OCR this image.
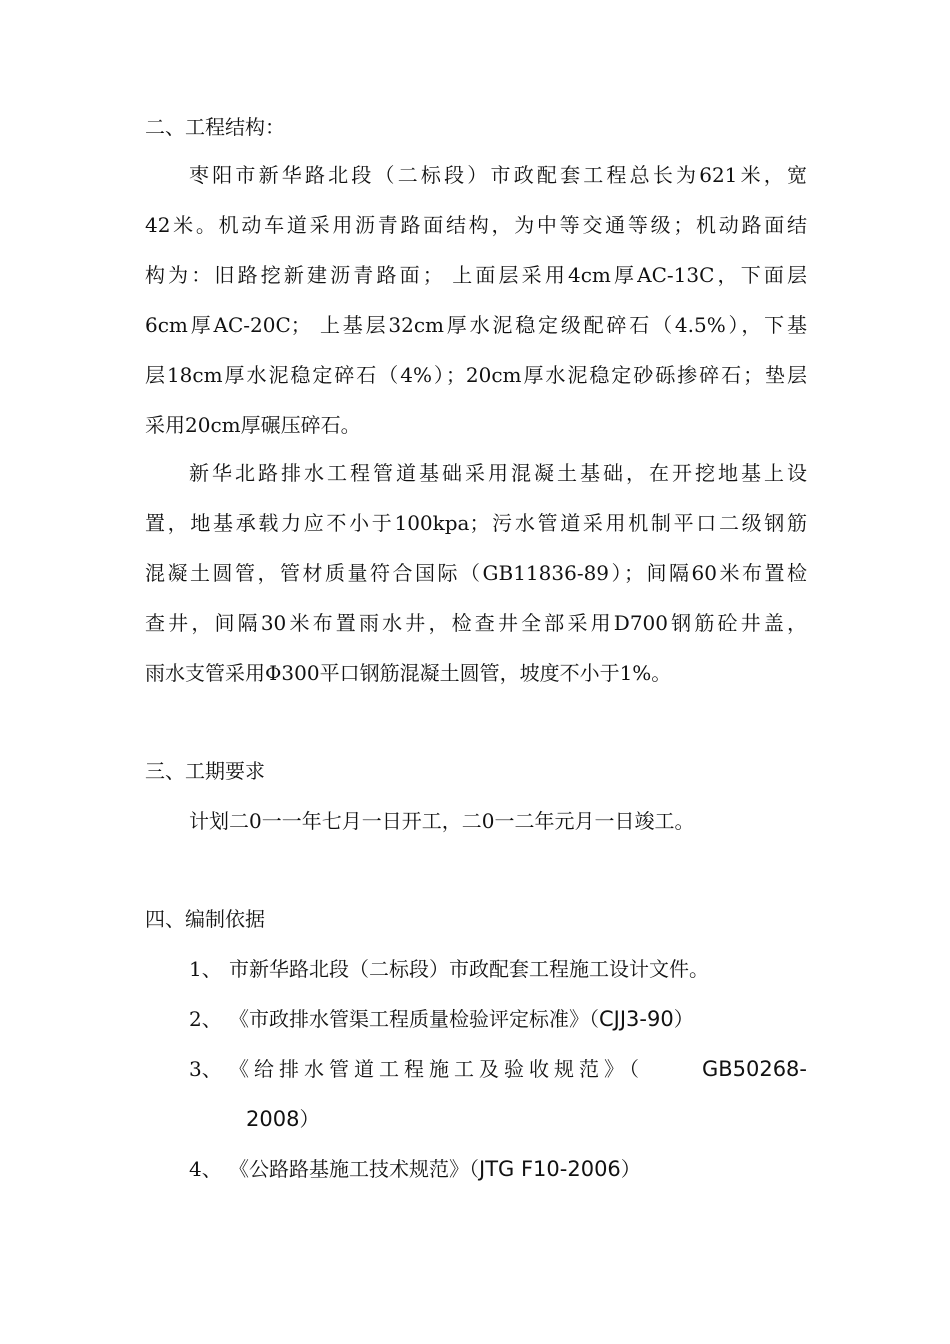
二、工程结构：
枣阳市新华路北段（二标段）市政配套工程总长为621米，宽
42米。机动车道采用沥青路面结构，为中等交通等级；机动路面结
构为：旧路挖新建沥青路面； 上面层采用4cm厚AC-13C，下面层
6cm厚AC-20C； 上基层32cm厚水泥稳定级配碎石（4.5%），下基
层18cm厚水泥稳定碎石（4%）；20cm厚水泥稳定砂砾掺碎石；垫层
采用20cm厚碾压碎石。
新华北路排水工程管道基础采用混凝土基础，在开挖地基上设
置，地基承载力应不小于100kpa；污水管道采用机制平口二级钢筋
混凝土圆管，管材质量符合国际（GB11836-89）；间隔60米布置检
查井，间隔30米布置雨水井，检查井全部采用D700钢筋砼井盖，
雨水支管采用Φ300平口钢筋混凝土圆管，坡度不小于1%。
三、工期要求
计划二0一一年七月一日开工，二0一二年元月一日竣工。
四、编制依据
1、 市新华路北段（二标段）市政配套工程施工设计文件。
2、 《市政排水管渠工程质量检验评定标准》（CJJ3-90）
3、 《给排水管道工程施工及验收规范》（	GB50268-
2008）
4、 《公路路基施工技术规范》（JTG F10-2006）
